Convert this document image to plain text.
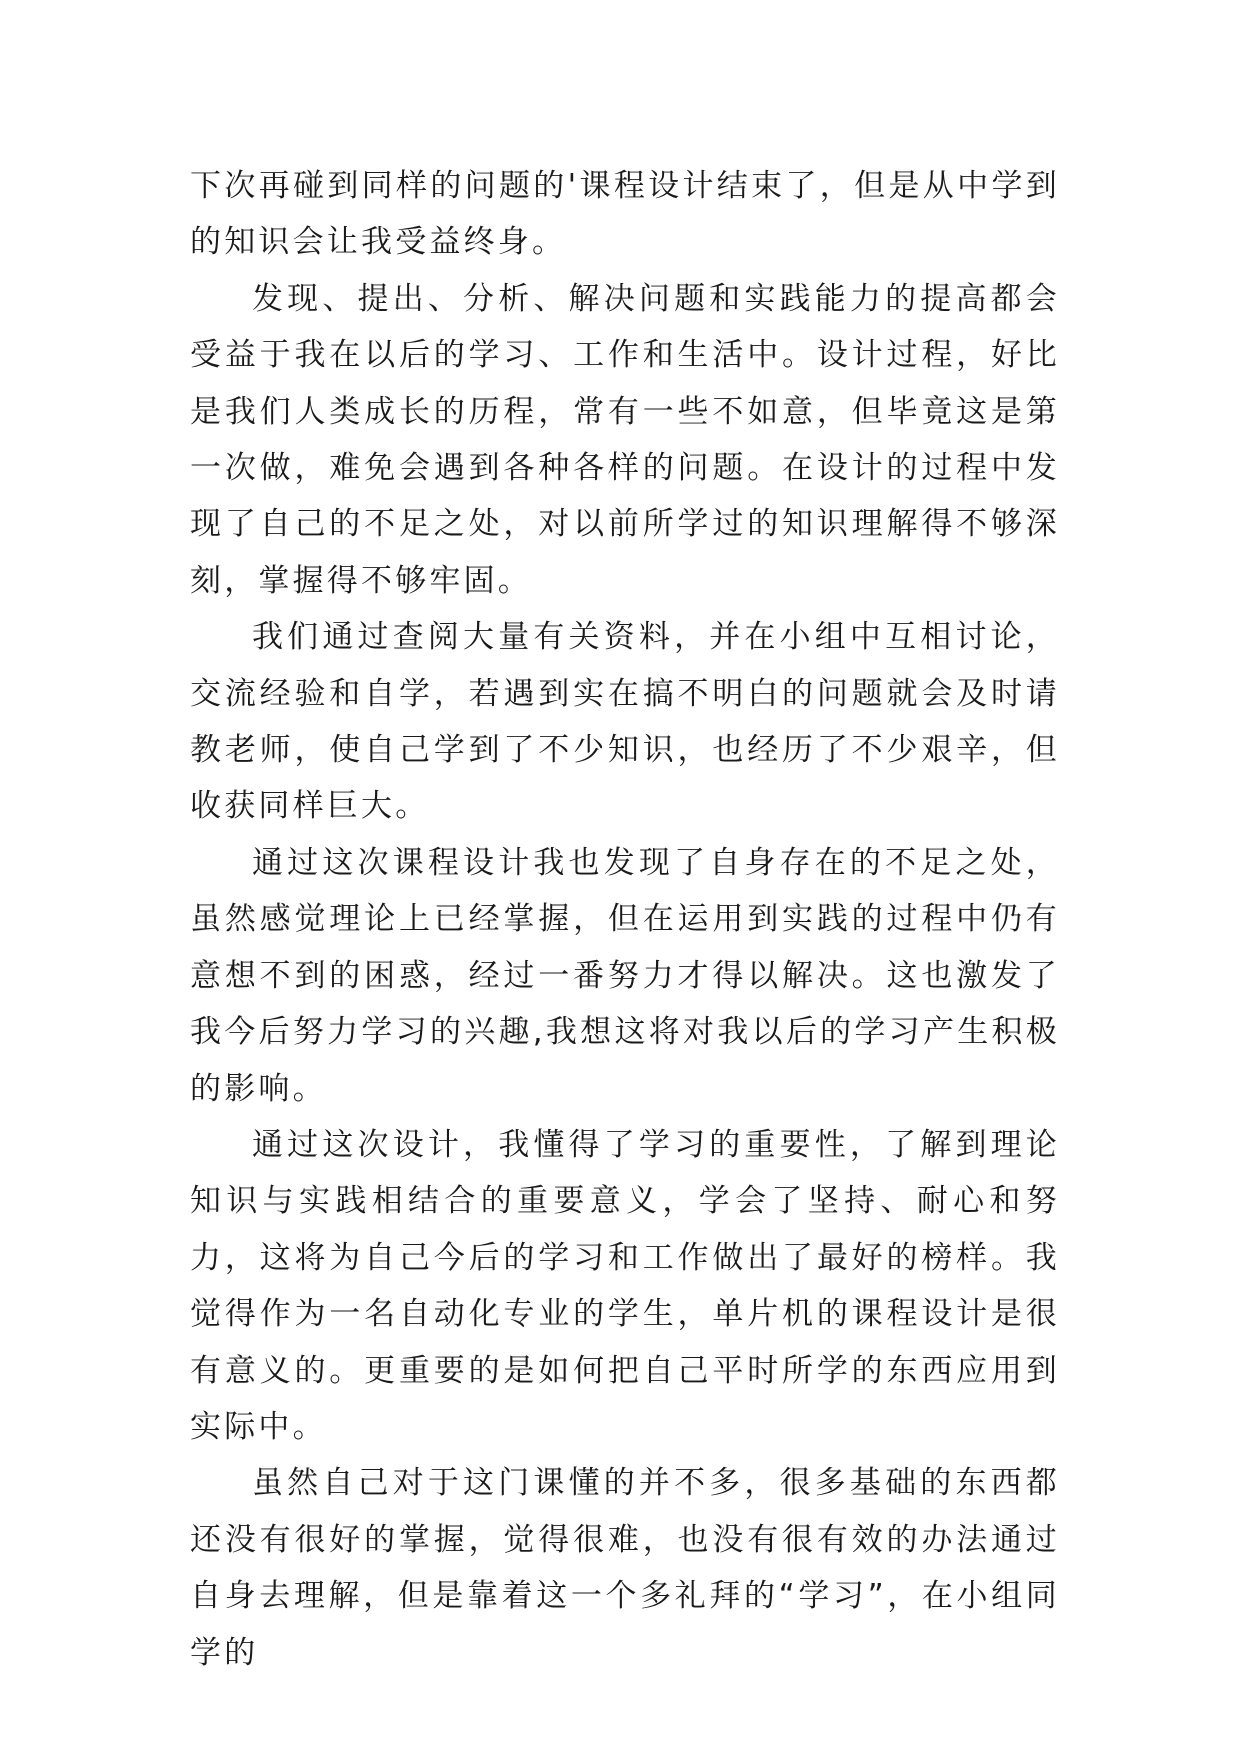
下次再碰到同样的问题的'课程设计结束了，但是从中学到的知识会让我受益终身。

发现、提出、分析、解决问题和实践能力的提高都会受益于我在以后的学习、工作和生活中。设计过程，好比是我们人类成长的历程，常有一些不如意，但毕竟这是第一次做，难免会遇到各种各样的问题。在设计的过程中发现了自己的不足之处，对以前所学过的知识理解得不够深刻，掌握得不够牢固。

我们通过查阅大量有关资料，并在小组中互相讨论，交流经验和自学，若遇到实在搞不明白的问题就会及时请教老师，使自己学到了不少知识，也经历了不少艰辛，但收获同样巨大。

通过这次课程设计我也发现了自身存在的不足之处，虽然感觉理论上已经掌握，但在运用到实践的过程中仍有意想不到的困惑，经过一番努力才得以解决。这也激发了我今后努力学习的兴趣,我想这将对我以后的学习产生积极的影响。

通过这次设计，我懂得了学习的重要性，了解到理论知识与实践相结合的重要意义，学会了坚持、耐心和努力，这将为自己今后的学习和工作做出了最好的榜样。我觉得作为一名自动化专业的学生，单片机的课程设计是很有意义的。更重要的是如何把自己平时所学的东西应用到实际中。

虽然自己对于这门课懂的并不多，很多基础的东西都还没有很好的掌握，觉得很难，也没有很有效的办法通过自身去理解，但是靠着这一个多礼拜的“学习”，在小组同学的
